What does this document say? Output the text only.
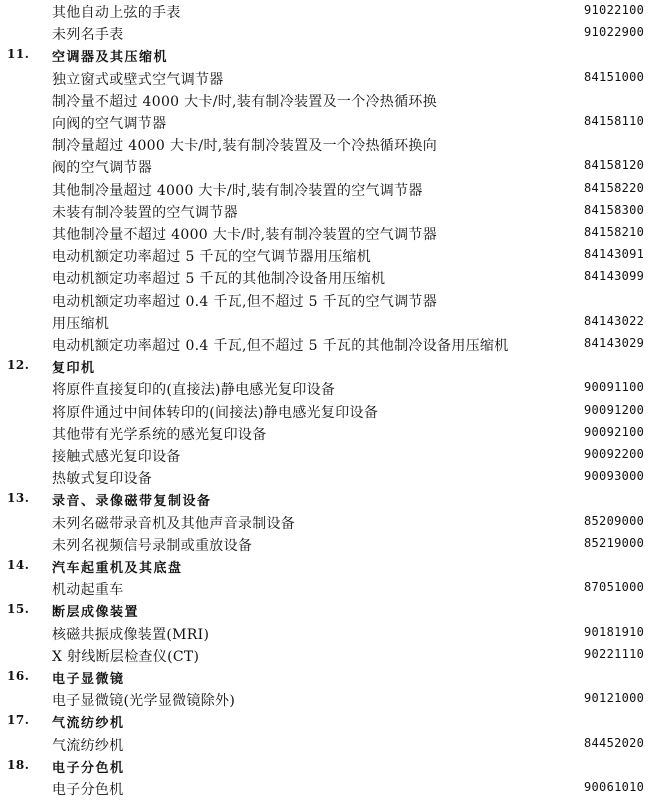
其他自动上弦的手表	91022100
未列名手表	91022900
11. 空调器及其压缩机
独立窗式或壁式空气调节器	84151000
制冷量不超过 4000 大卡/时,装有制冷装置及一个冷热循环换
向阀的空气调节器	84158110
制冷量超过 4000 大卡/时,装有制冷装置及一个冷热循环换向
阀的空气调节器	84158120
其他制冷量超过 4000 大卡/时,装有制冷装置的空气调节器	84158220
未装有制冷装置的空气调节器	84158300
其他制冷量不超过 4000 大卡/时,装有制冷装置的空气调节器	84158210
电动机额定功率超过 5 千瓦的空气调节器用压缩机	84143091
电动机额定功率超过 5 千瓦的其他制冷设备用压缩机	84143099
电动机额定功率超过 0.4 千瓦,但不超过 5 千瓦的空气调节器
用压缩机	84143022
电动机额定功率超过 0.4 千瓦,但不超过 5 千瓦的其他制冷设备用压缩机	84143029
12. 复印机
将原件直接复印的(直接法)静电感光复印设备	90091100
将原件通过中间体转印的(间接法)静电感光复印设备	90091200
其他带有光学系统的感光复印设备	90092100
接触式感光复印设备	90092200
热敏式复印设备	90093000
13. 录音、录像磁带复制设备
未列名磁带录音机及其他声音录制设备	85209000
未列名视频信号录制或重放设备	85219000
14. 汽车起重机及其底盘
机动起重车	87051000
15. 断层成像装置
核磁共振成像装置(MRI)	90181910
X 射线断层检查仪(CT)	90221110
16. 电子显微镜
电子显微镜(光学显微镜除外)	90121000
17. 气流纺纱机
气流纺纱机	84452020
18. 电子分色机
电子分色机	90061010
